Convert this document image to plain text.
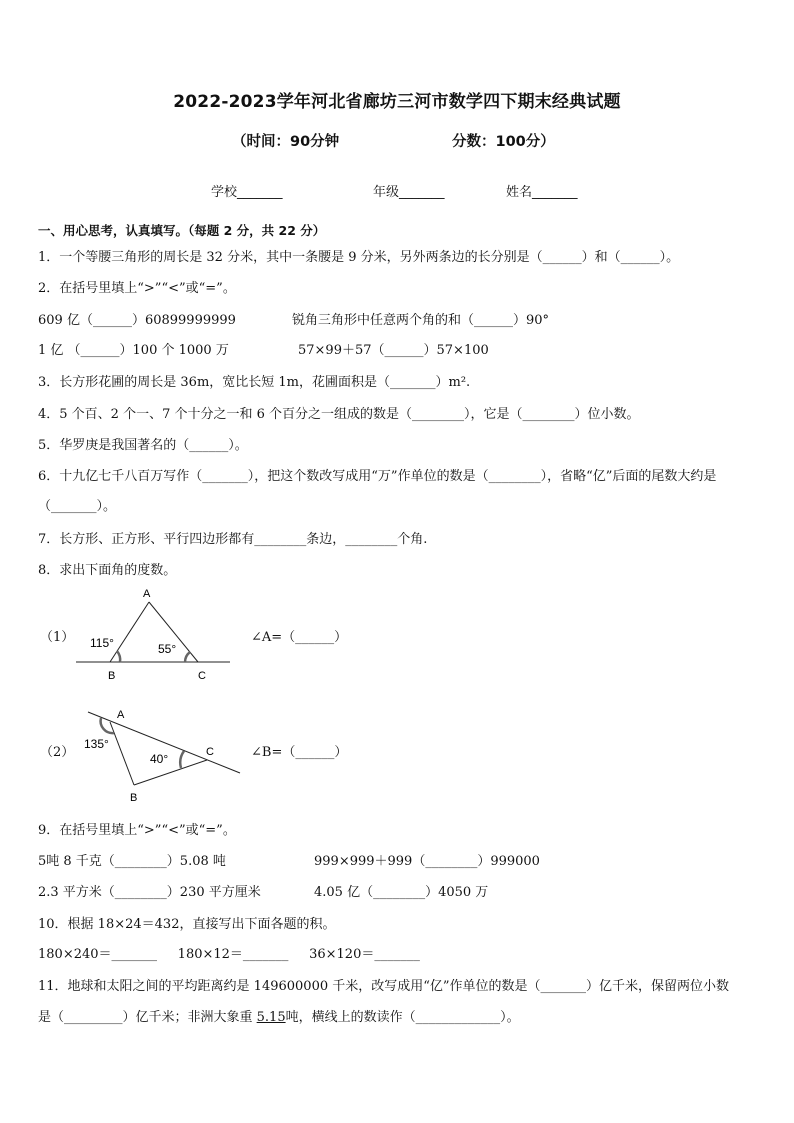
2022-2023学年河北省廊坊三河市数学四下期末经典试题
（时间：90分钟	分数：100分）
学校_______	年级_______	姓名_______
一、用心思考，认真填写。（每题 2 分，共 22 分）
1．一个等腰三角形的周长是 32 分米，其中一条腰是 9 分米，另外两条边的长分别是（______）和（______）。
2．在括号里填上“>”“<”或“=”。
609 亿（______）60899999999	锐角三角形中任意两个角的和（______）90°
1 亿 （______）100 个 1000 万	57×99＋57（______）57×100
3．长方形花圃的周长是 36m，宽比长短 1m，花圃面积是（_______）m².
4．5 个百、2 个一、7 个十分之一和 6 个百分之一组成的数是（________），它是（________）位小数。
5．华罗庚是我国著名的（______）。
6．十九亿七千八百万写作（_______），把这个数改写成用“万”作单位的数是（________），省略“亿”后面的尾数大约是
（_______）。
7．长方形、正方形、平行四边形都有________条边，________个角.
8．求出下面角的度数。
（1）
A
B	C
115°	55°
∠A=（______）
（2）
A
B
C
135°
40°	∠B=（______）
9．在括号里填上“>”“<”或“=”。
5吨 8 千克（________）5.08 吨	999×999＋999（________）999000
2.3 平方米（________）230 平方厘米	4.05 亿（________）4050 万
10．根据 18×24＝432，直接写出下面各题的积。
180×240＝_______     180×12＝_______     36×120＝_______
11．地球和太阳之间的平均距离约是 149600000 千米，改写成用“亿”作单位的数是（_______）亿千米，保留两位小数
是（_________）亿千米；非洲大象重 5.15吨，横线上的数读作（_____________）。
